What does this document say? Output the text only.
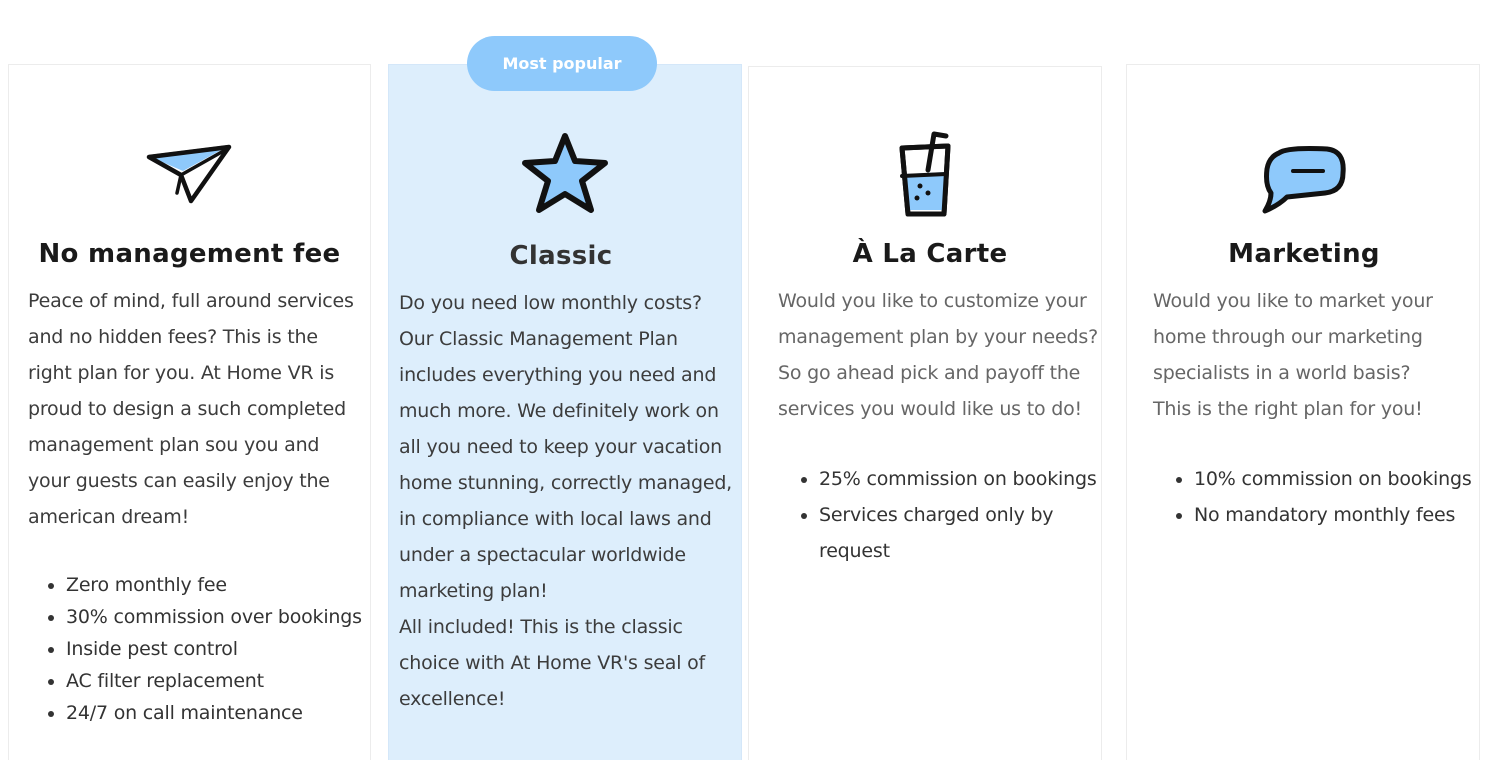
Most popular
No management fee

Peace of mind, full around services and no hidden fees? This is the right plan for you. At Home VR is proud to design a such completed management plan sou you and your guests can easily enjoy the american dream!

• Zero monthly fee
• 30% commission over bookings
• Inside pest control
• AC filter replacement
• 24/7 on call maintenance
Classic

Do you need low monthly costs? Our Classic Management Plan includes everything you need and much more. We definitely work on all you need to keep your vacation home stunning, correctly managed, in compliance with local laws and under a spectacular worldwide marketing plan!
All included! This is the classic choice with At Home VR's seal of excellence!

À La Carte

Would you like to customize your management plan by your needs? So go ahead pick and payoff the services you would like us to do!

• 25% commission on bookings
• Services charged only by request
Marketing

Would you like to market your home through our marketing specialists in a world basis?
This is the right plan for you!

• 10% commission on bookings
• No mandatory monthly fees
